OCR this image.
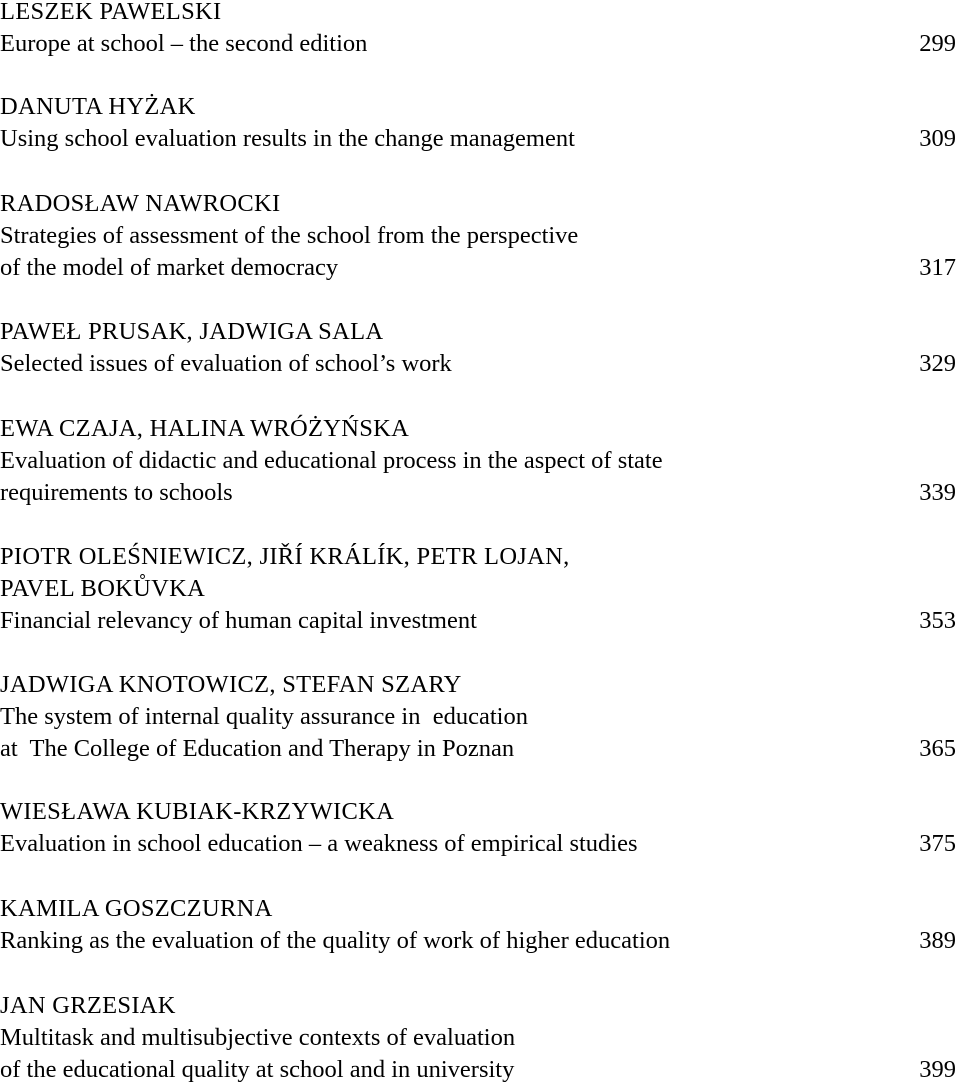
LESZEK PAWELSKI
Europe at school – the second edition	299
DANUTA HYŻAK
Using school evaluation results in the change management	309
RADOSŁAW NAWROCKI
Strategies of assessment of the school from the perspective
of the model of market democracy	317
PAWEŁ PRUSAK, JADWIGA SALA
Selected issues of evaluation of school’s work	329
EWA CZAJA, HALINA WRÓŻYŃSKA
Evaluation of didactic and educational process in the aspect of state
requirements to schools	339
PIOTR OLEŚNIEWICZ, JIŘÍ KRÁLÍK, PETR LOJAN,
PAVEL BOKŮVKA
Financial relevancy of human capital investment	353
JADWIGA KNOTOWICZ, STEFAN SZARY
The system of internal quality assurance in  education
at  The College of Education and Therapy in Poznan	365
WIESŁAWA KUBIAK-KRZYWICKA
Evaluation in school education – a weakness of empirical studies	375
KAMILA GOSZCZURNA
Ranking as the evaluation of the quality of work of higher education	389
JAN GRZESIAK
Multitask and multisubjective contexts of evaluation
of the educational quality at school and in university	399
